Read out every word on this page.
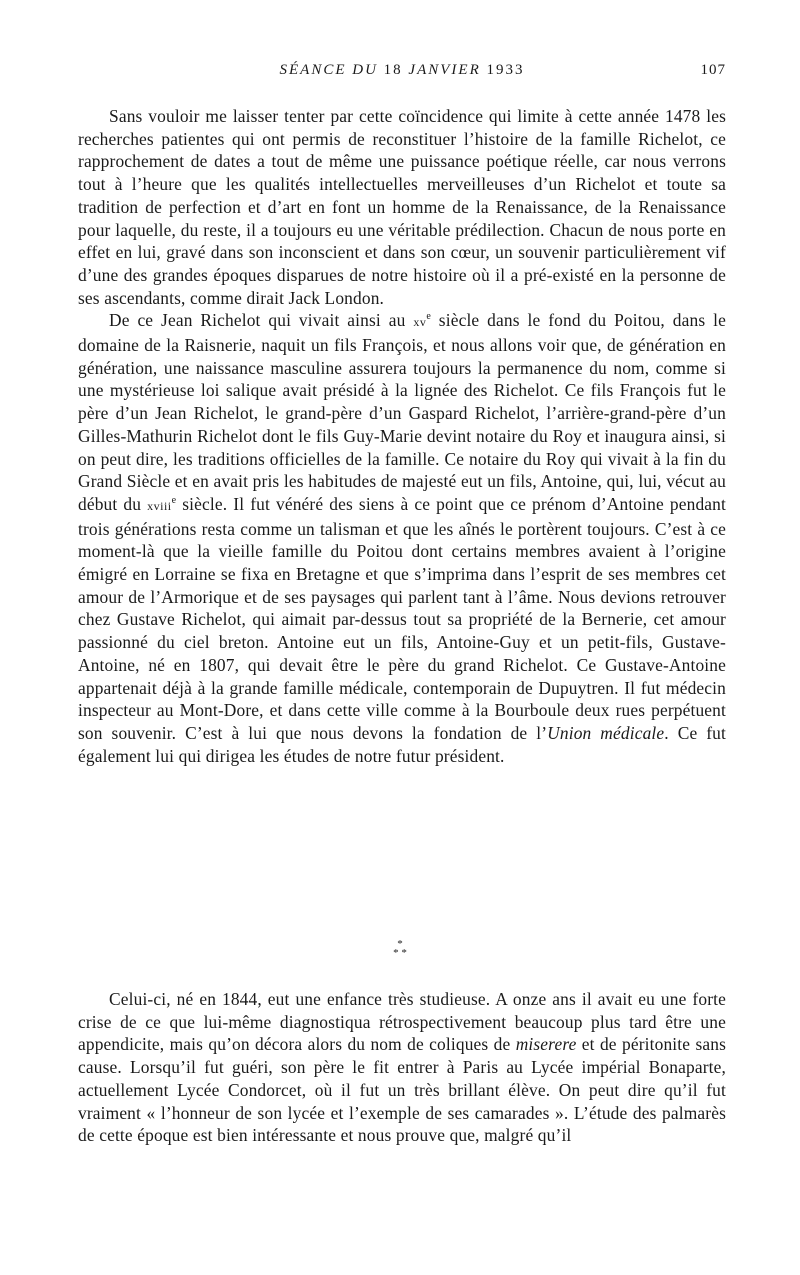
SÉANCE DU 18 JANVIER 1933	107

Sans vouloir me laisser tenter par cette coïncidence qui limite à cette année 1478 les recherches patientes qui ont permis de reconstituer l’histoire de la famille Richelot, ce rapprochement de dates a tout de même une puissance poétique réelle, car nous verrons tout à l’heure que les qualités intellectuelles merveilleuses d’un Richelot et toute sa tradition de perfection et d’art en font un homme de la Renaissance, de la Renaissance pour laquelle, du reste, il a toujours eu une véritable prédilection. Chacun de nous porte en effet en lui, gravé dans son inconscient et dans son cœur, un souvenir particulièrement vif d’une des grandes époques disparues de notre histoire où il a pré-existé en la personne de ses ascendants, comme dirait Jack London.

De ce Jean Richelot qui vivait ainsi au $xv^e$ siècle dans le fond du Poitou, dans le domaine de la Raisnerie, naquit un fils François, et nous allons voir que, de génération en génération, une naissance masculine assurera toujours la permanence du nom, comme si une mystérieuse loi salique avait présidé à la lignée des Richelot. Ce fils François fut le père d’un Jean Richelot, le grand-père d’un Gaspard Richelot, l’arrière-grand-père d’un Gilles-Mathurin Richelot dont le fils Guy-Marie devint notaire du Roy et inaugura ainsi, si on peut dire, les traditions officielles de la famille. Ce notaire du Roy qui vivait à la fin du Grand Siècle et en avait pris les habitudes de majesté eut un fils, Antoine, qui, lui, vécut au début du xviii$^e$ siècle. Il fut vénéré des siens à ce point que ce prénom d’Antoine pendant trois générations resta comme un talisman et que les aînés le portèrent toujours. C’est à ce moment-là que la vieille famille du Poitou dont certains membres avaient à l’origine émigré en Lorraine se fixa en Bretagne et que s’imprima dans l’esprit de ses membres cet amour de l’Armorique et de ses paysages qui parlent tant à l’âme. Nous devions retrouver chez Gustave Richelot, qui aimait par-dessus tout sa propriété de la Bernerie, cet amour passionné du ciel breton. Antoine eut un fils, Antoine-Guy et un petit-fils, Gustave-Antoine, né en 1807, qui devait être le père du grand Richelot. Ce Gustave-Antoine appartenait déjà à la grande famille médicale, contemporain de Dupuytren. Il fut médecin inspecteur au Mont-Dore, et dans cette ville comme à la Bourboule deux rues perpétuent son souvenir. C’est à lui que nous devons la fondation de l’Union médicale. Ce fut également lui qui dirigea les études de notre futur président.

*
* *

Celui-ci, né en 1844, eut une enfance très studieuse. A onze ans il avait eu une forte crise de ce que lui-même diagnostiqua rétrospectivement beaucoup plus tard être une appendicite, mais qu’on décora alors du nom de coliques de miserere et de péritonite sans cause. Lorsqu’il fut guéri, son père le fit entrer à Paris au Lycée impérial Bonaparte, actuellement Lycée Condorcet, où il fut un très brillant élève. On peut dire qu’il fut vraiment « l’honneur de son lycée et l’exemple de ses camarades ». L’étude des palmarès de cette époque est bien intéressante et nous prouve que, malgré qu’il
